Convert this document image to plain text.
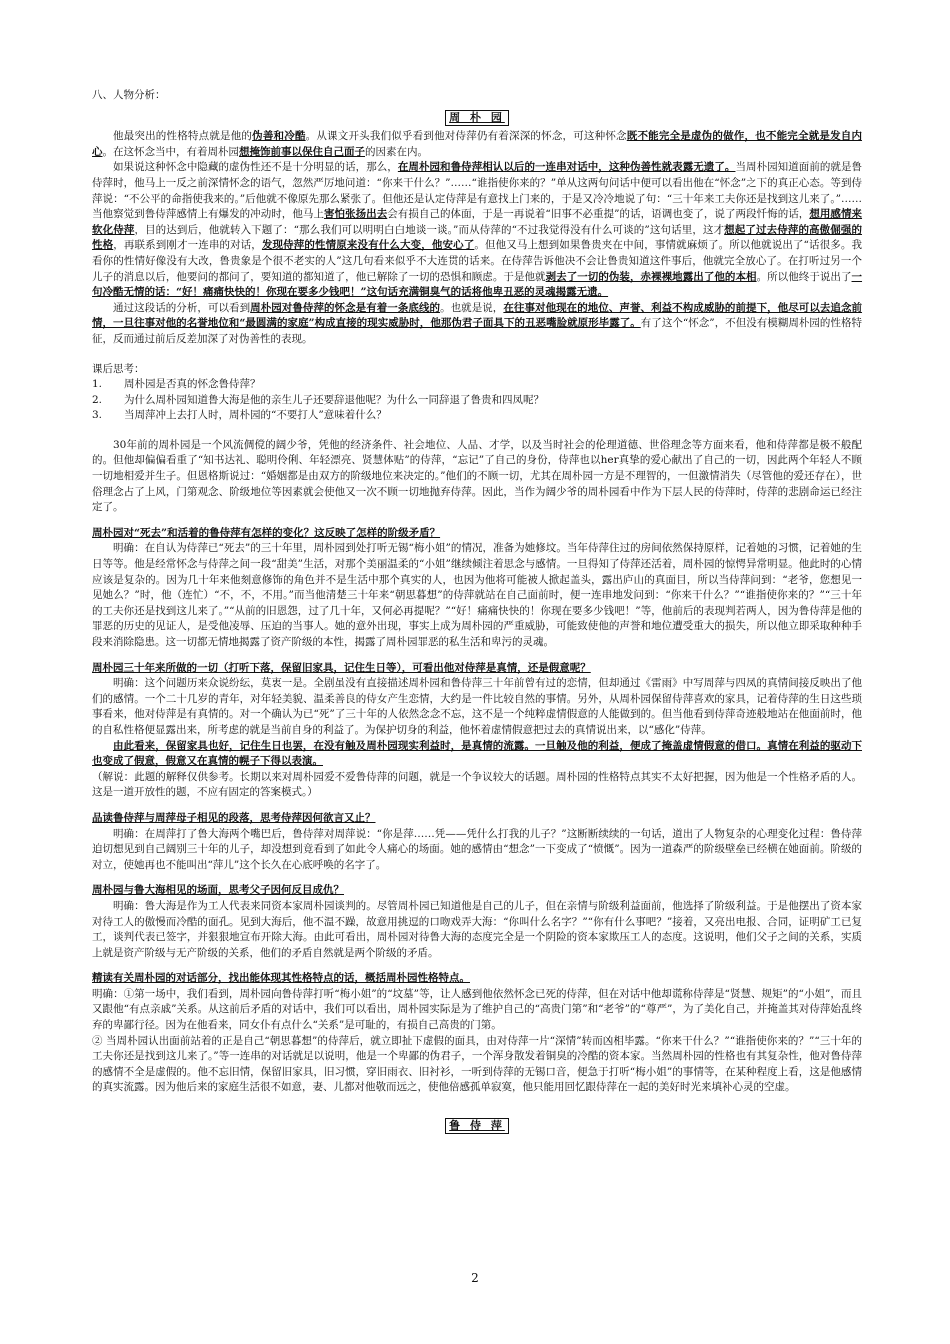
八、人物分析：

周 朴 园

他最突出的性格特点就是他的伪善和冷酷。从课文开头我们似乎看到他对侍萍仍有着深深的怀念，可这种怀念既不能完全是虚伪的做作，也不能完全就是发自内心。在这怀念当中，有着周朴园想掩饰前事以保住自己面子的因素在内。

如果说这种怀念中隐藏的虚伪性还不是十分明显的话，那么，在周朴园和鲁侍萍相认以后的一连串对话中，这种伪善性就表露无遗了。当周朴园知道面前的就是鲁侍萍时，他马上一反之前深情怀念的语气，忽然严厉地问道：“你来干什么？”……“谁指使你来的？”单从这两句问话中便可以看出他在“怀念”之下的真正心态。等到侍萍说：“不公平的命指使我来的。”后他就不像原先那么紧张了。但他还是认定侍萍是有意找上门来的，于是又冷冷地说了句：“三十年来工夫你还是找到这儿来了。”……当他察觉到鲁侍萍感情上有爆发的冲动时，他马上害怕张扬出去会有损自己的体面，于是一再说着“旧事不必重提”的话，语调也变了，说了两段忏悔的话，想用感情来软化侍萍，目的达到后，他就转入下题了：“那么我们可以明明白白地谈一谈。”而从侍萍的“不过我觉得没有什么可谈的”这句话里，这才想起了过去侍萍的高傲倔强的性格，再联系到刚才一连串的对话，发现侍萍的性情原来没有什么大变，他安心了。但他又马上想到如果鲁贵夹在中间，事情就麻烦了。所以他就说出了“话很多。我看你的性情好像没有大改，鲁贵象是个很不老实的人”这几句看来似乎不大连贯的话来。在侍萍告诉他决不会让鲁贵知道这件事后，他就完全放心了。在打听过另一个儿子的消息以后，他要问的都问了，要知道的都知道了，他已解除了一切的恐惧和顾虑。于是他就剥去了一切的伪装，赤裸裸地露出了他的本相。所以他终于说出了一句冷酷无情的话：“好！痛痛快快的！你现在要多少钱吧！”这句话充满铜臭气的话将他卑丑恶的灵魂揭露无遗。

通过这段话的分析，可以看到周朴园对鲁侍萍的怀念是有着一条底线的。也就是说，在往事对他现在的地位、声誉、利益不构成威胁的前提下，他尽可以去追念前情，一旦往事对他的名誉地位和“最圆满的家庭”构成直接的现实威胁时，他那伪君子面具下的丑恶嘴脸就原形毕露了。有了这个“怀念”，不但没有模糊周朴园的性格特征，反而通过前后反差加深了对伪善性的表现。

课后思考：

1.	周朴园是否真的怀念鲁侍萍？
2.	为什么周朴园知道鲁大海是他的亲生儿子还要辞退他呢？为什么一同辞退了鲁贵和四凤呢？
3.	当周萍冲上去打人时，周朴园的“不要打人”意味着什么？

30年前的周朴园是一个风流倜傥的阔少爷，凭他的经济条件、社会地位、人品、才学，以及当时社会的伦理道德、世俗理念等方面来看，他和侍萍都是极不般配的。但他却偏偏看重了“知书达礼、聪明伶俐、年轻漂亮、贤慧体贴”的侍萍，“忘记”了自己的身份，侍萍也以her真挚的爱心献出了自己的一切，因此两个年轻人不顾一切地相爱并生子。但恩格斯说过：“婚姻都是由双方的阶级地位来决定的。”他们的不顾一切，尤其在周朴园一方是不理智的，一但激情消失（尽管他的爱还存在），世俗理念占了上风，门第观念、阶级地位等因素就会使他又一次不顾一切地抛弃侍萍。因此，当作为阔少爷的周朴园看中作为下层人民的侍萍时，侍萍的悲剧命运已经注定了。

周朴园对“死去”和活着的鲁侍萍有怎样的变化？这反映了怎样的阶级矛盾？

明确：在自认为侍萍已“死去”的三十年里，周朴园到处打听无锡“梅小姐”的情况，准备为她修坟。当年侍萍住过的房间依然保持原样，记着她的习惯，记着她的生日等等。他是经常怀念与侍萍之间一段“甜美”生活，对那个美丽温柔的“小姐”继续倾注着思念与感情。一旦得知了侍萍还活着，周朴园的惊愕异常明显。他此时的心情应该是复杂的。因为几十年来他刻意修饰的角色并不是生活中那个真实的人，也因为他将可能被人掀起盖头，露出庐山的真面目，所以当侍萍问到：“老爷，您想见一见她么？”时，他（连忙）“不，不，不用。”而当他清楚三十年来“朝思暮想”的侍萍就站在自己面前时，便一连串地发问到：“你来干什么？”“谁指使你来的？”“三十年的工夫你还是找到这儿来了。”“从前的旧恩怨，过了几十年，又何必再提呢？”“好！痛痛快快的！你现在要多少钱吧！”等，他前后的表现判若两人，因为鲁侍萍是他的罪恶的历史的见证人，是受他凌辱、压迫的当事人。她的意外出现，事实上成为周朴园的严重威胁，可能致使他的声誉和地位遭受重大的损失，所以他立即采取种种手段来消除隐患。这一切都无情地揭露了资产阶级的本性，揭露了周朴园罪恶的私生活和卑污的灵魂。

周朴园三十年来所做的一切（打听下落，保留旧家具，记住生日等），可看出他对侍萍是真情，还是假意呢？

明确：这个问题历来众说纷纭，莫衷一是。全剧虽没有直接描述周朴园和鲁侍萍三十年前曾有过的恋情，但却通过《雷雨》中写周萍与四凤的真情间接反映出了他们的感情。一个二十几岁的青年，对年轻美貌、温柔善良的侍女产生恋情，大约是一件比较自然的事情。另外，从周朴园保留侍萍喜欢的家具，记着侍萍的生日这些琐事看来，他对侍萍是有真情的。对一个确认为已“死”了三十年的人依然念念不忘，这不是一个纯粹虚情假意的人能做到的。但当他看到侍萍奇迹般地站在他面前时，他的自私性格便显露出来，所考虑的就是当前自身的利益了。为保护切身的利益，他怀着虚情假意把过去的真情说出来，以“感化”侍萍。

由此看来，保留家具也好，记住生日也罢，在没有触及周朴园现实利益时，是真情的流露。一旦触及他的利益，便成了掩盖虚情假意的借口。真情在利益的驱动下也变成了假意，假意又在真情的幌子下得以表演。

（解说：此题的解释仅供参考。长期以来对周朴园爱不爱鲁侍萍的问题，就是一个争议较大的话题。周朴园的性格特点其实不太好把握，因为他是一个性格矛盾的人。这是一道开放性的题，不应有固定的答案模式。）

品读鲁侍萍与周萍母子相见的段落，思考侍萍因何欲言又止？

明确：在周萍打了鲁大海两个嘴巴后，鲁侍萍对周萍说：“你是萍……凭——凭什么打我的儿子？”这断断续续的一句话，道出了人物复杂的心理变化过程：鲁侍萍迫切想见到自己阔别三十年的儿子，却没想到竟看到了如此令人痛心的场面。她的感情由“想念”一下变成了“愤慨”。因为一道森严的阶级壁垒已经横在她面前。阶级的对立，使她再也不能叫出“萍儿”这个长久在心底呼唤的名字了。

周朴园与鲁大海相见的场面，思考父子因何反目成仇？

明确：鲁大海是作为工人代表来同资本家周朴园谈判的。尽管周朴园已知道他是自己的儿子，但在亲情与阶级利益面前，他选择了阶级利益。于是他摆出了资本家对待工人的傲慢而冷酷的面孔。见到大海后，他不温不躁，故意用挑逗的口吻戏弄大海：“你叫什么名字？”“你有什么事吧？”接着，又亮出电报、合同，证明矿工已复工，谈判代表已签字，并狠狠地宣布开除大海。由此可看出，周朴园对待鲁大海的态度完全是一个阴险的资本家欺压工人的态度。这说明，他们父子之间的关系，实质上就是资产阶级与无产阶级的关系，他们的矛盾自然就是两个阶级的矛盾。

精读有关周朴园的对话部分，找出能体现其性格特点的话，概括周朴园性格特点。

明确：①第一场中，我们看到，周朴园向鲁侍萍打听“梅小姐”的“坟墓”等，让人感到他依然怀念已死的侍萍，但在对话中他却谎称侍萍是“贤慧、规矩”的“小姐”，而且又跟他“有点亲戚”关系。从这前后矛盾的对话中，我们可以看出，周朴园实际是为了维护自己的“高贵门第”和“老爷”的“尊严”，为了美化自己，并掩盖其对侍萍始乱终弃的卑鄙行径。因为在他看来，同女仆有点什么“关系”是可耻的，有损自己高贵的门第。

② 当周朴园认出面前站着的正是自己“朝思暮想”的侍萍后，就立即扯下虚假的面具，由对侍萍一片“深情”转而凶相毕露。“你来干什么？”“谁指使你来的？”“三十年的工夫你还是找到这儿来了。”等一连串的对话就足以说明，他是一个卑鄙的伪君子，一个浑身散发着铜臭的冷酷的资本家。当然周朴园的性格也有其复杂性，他对鲁侍萍的感情不全是虚假的。他不忘旧情，保留旧家具，旧习惯，穿旧雨衣、旧衬衫，一听到侍萍的无锡口音，便急于打听“梅小姐”的事情等，在某种程度上看，这是他感情的真实流露。因为他后来的家庭生活很不如意，妻、儿都对他敬而远之，使他倍感孤单寂寞，他只能用回忆跟侍萍在一起的美好时光来填补心灵的空虚。

鲁 侍 萍
2
